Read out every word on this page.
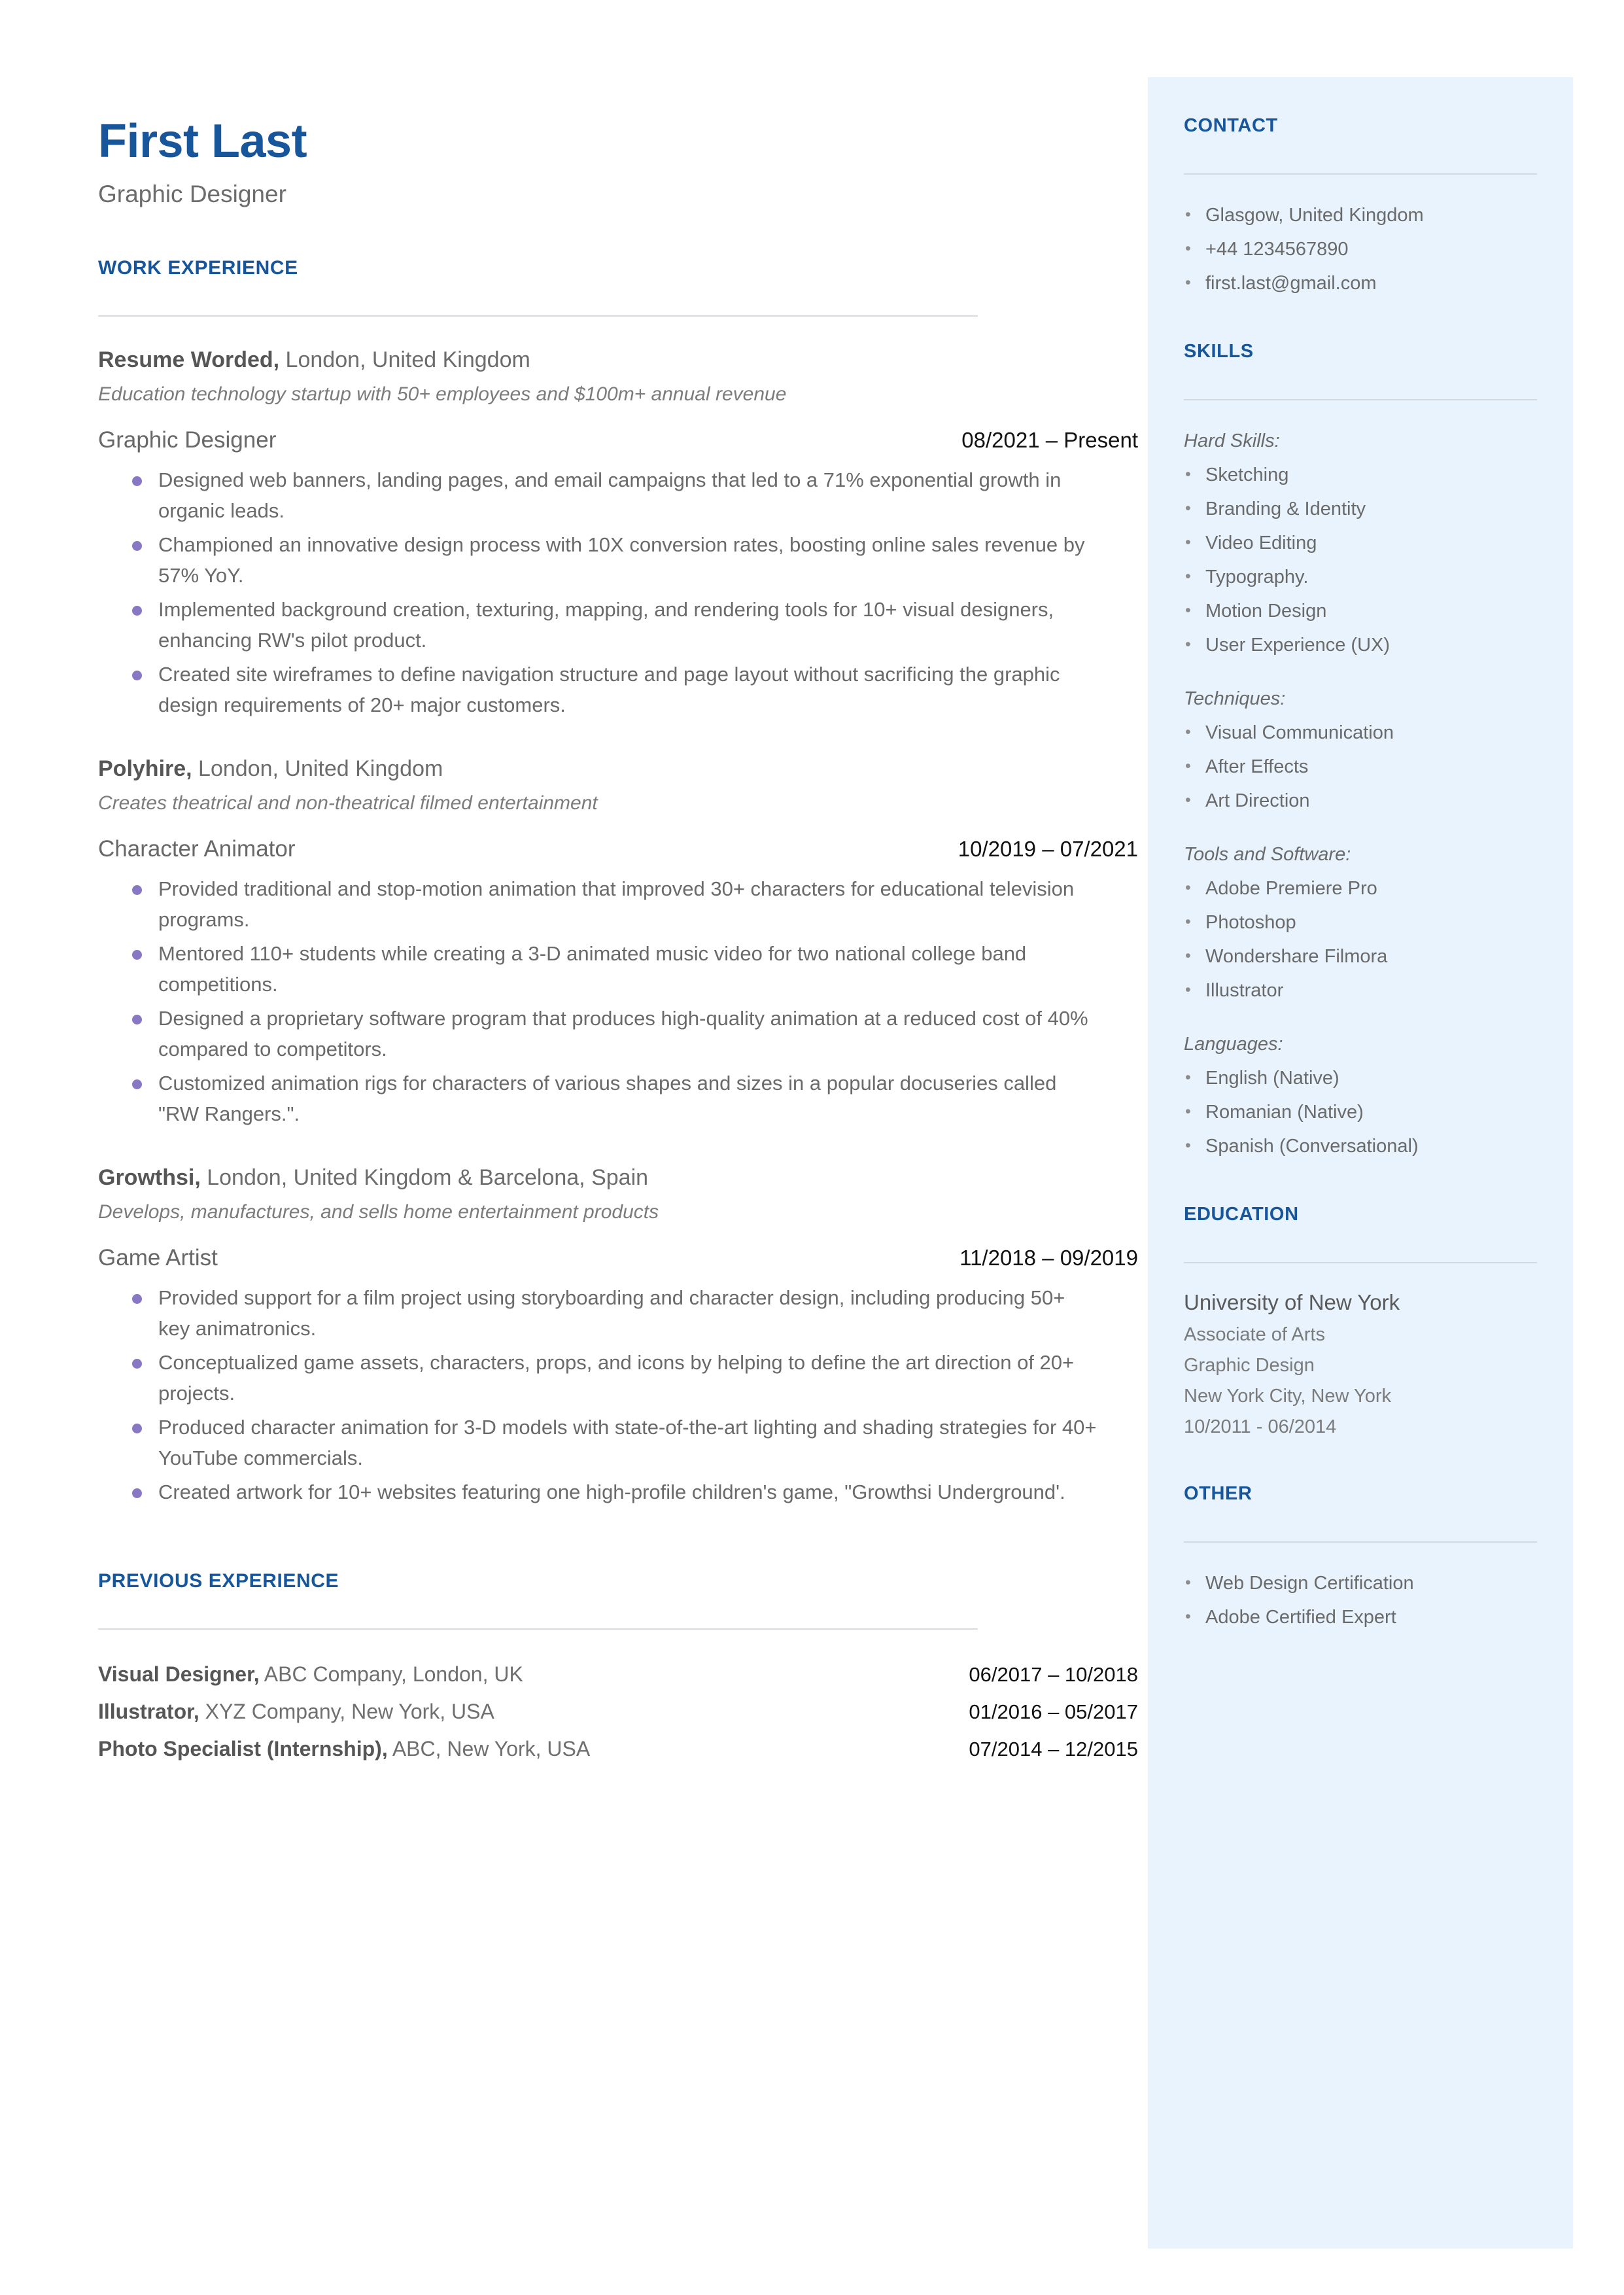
First Last
Graphic Designer
WORK EXPERIENCE
Resume Worded, London, United Kingdom
Education technology startup with 50+ employees and $100m+ annual revenue
Graphic Designer	08/2021 – Present
Designed web banners, landing pages, and email campaigns that led to a 71% exponential growth in organic leads.
Championed an innovative design process with 10X conversion rates, boosting online sales revenue by 57% YoY.
Implemented background creation, texturing, mapping, and rendering tools for 10+ visual designers, enhancing RW's pilot product.
Created site wireframes to define navigation structure and page layout without sacrificing the graphic design requirements of 20+ major customers.
Polyhire, London, United Kingdom
Creates theatrical and non-theatrical filmed entertainment
Character Animator	10/2019 – 07/2021
Provided traditional and stop-motion animation that improved 30+ characters for educational television programs.
Mentored 110+ students while creating a 3-D animated music video for two national college band competitions.
Designed a proprietary software program that produces high-quality animation at a reduced cost of 40% compared to competitors.
Customized animation rigs for characters of various shapes and sizes in a popular docuseries called "RW Rangers.".
Growthsi, London, United Kingdom & Barcelona, Spain
Develops, manufactures, and sells home entertainment products
Game Artist	11/2018 – 09/2019
Provided support for a film project using storyboarding and character design, including producing 50+ key animatronics.
Conceptualized game assets, characters, props, and icons by helping to define the art direction of 20+ projects.
Produced character animation for 3-D models with state-of-the-art lighting and shading strategies for 40+ YouTube commercials.
Created artwork for 10+ websites featuring one high-profile children's game, "Growthsi Underground'.
PREVIOUS EXPERIENCE
Visual Designer, ABC Company, London, UK	06/2017 – 10/2018
Illustrator, XYZ Company, New York, USA	01/2016 – 05/2017
Photo Specialist (Internship), ABC, New York, USA	07/2014 – 12/2015
CONTACT
• Glasgow, United Kingdom
• +44 1234567890
• first.last@gmail.com
SKILLS
Hard Skills:
• Sketching
• Branding & Identity
• Video Editing
• Typography.
• Motion Design
• User Experience (UX)
Techniques:
• Visual Communication
• After Effects
• Art Direction
Tools and Software:
• Adobe Premiere Pro
• Photoshop
• Wondershare Filmora
• Illustrator
Languages:
• English (Native)
• Romanian (Native)
• Spanish (Conversational)
EDUCATION
University of New York
Associate of Arts
Graphic Design
New York City, New York
10/2011 - 06/2014
OTHER
• Web Design Certification
• Adobe Certified Expert
